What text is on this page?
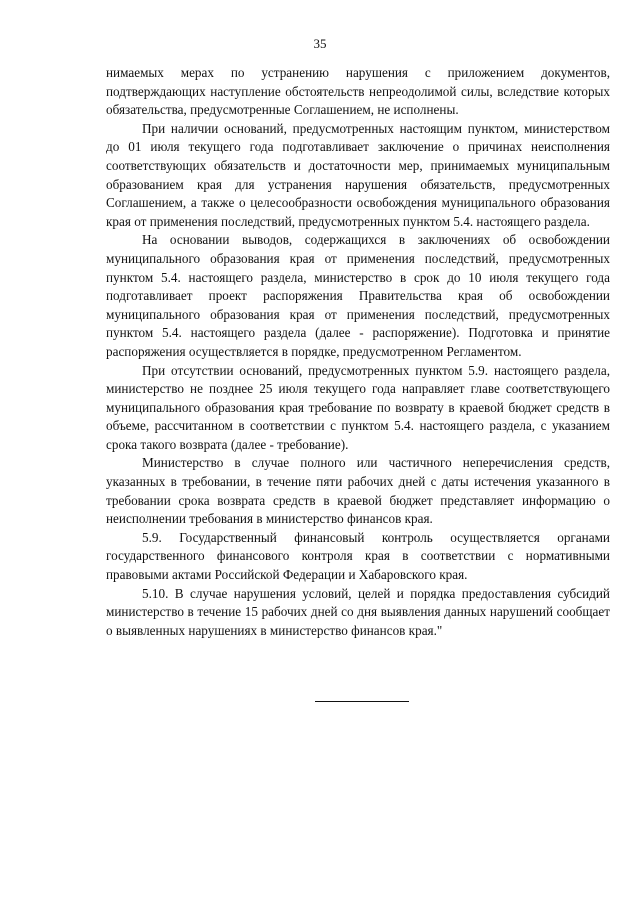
35

нимаемых мерах по устранению нарушения с приложением документов, подтверждающих наступление обстоятельств непреодолимой силы, вследствие которых обязательства, предусмотренные Соглашением, не исполнены.

При наличии оснований, предусмотренных настоящим пунктом, министерством до 01 июля текущего года подготавливает заключение о причинах неисполнения соответствующих обязательств и достаточности мер, принимаемых муниципальным образованием края для устранения нарушения обязательств, предусмотренных Соглашением, а также о целесообразности освобождения муниципального образования края от применения последствий, предусмотренных пунктом 5.4. настоящего раздела.

На основании выводов, содержащихся в заключениях об освобождении муниципального образования края от применения последствий, предусмотренных пунктом 5.4. настоящего раздела, министерство в срок до 10 июля текущего года подготавливает проект распоряжения Правительства края об освобождении муниципального образования края от применения последствий, предусмотренных пунктом 5.4. настоящего раздела (далее - распоряжение). Подготовка и принятие распоряжения осуществляется в порядке, предусмотренном Регламентом.

При отсутствии оснований, предусмотренных пунктом 5.9. настоящего раздела, министерство не позднее 25 июля текущего года направляет главе соответствующего муниципального образования края требование по возврату в краевой бюджет средств в объеме, рассчитанном в соответствии с пунктом 5.4. настоящего раздела, с указанием срока такого возврата (далее - требование).

Министерство в случае полного или частичного неперечисления средств, указанных в требовании, в течение пяти рабочих дней с даты истечения указанного в требовании срока возврата средств в краевой бюджет представляет информацию о неисполнении требования в министерство финансов края.

5.9. Государственный финансовый контроль осуществляется органами государственного финансового контроля края в соответствии с нормативными правовыми актами Российской Федерации и Хабаровского края.

5.10. В случае нарушения условий, целей и порядка предоставления субсидий министерство в течение 15 рабочих дней со дня выявления данных нарушений сообщает о выявленных нарушениях в министерство финансов края."
